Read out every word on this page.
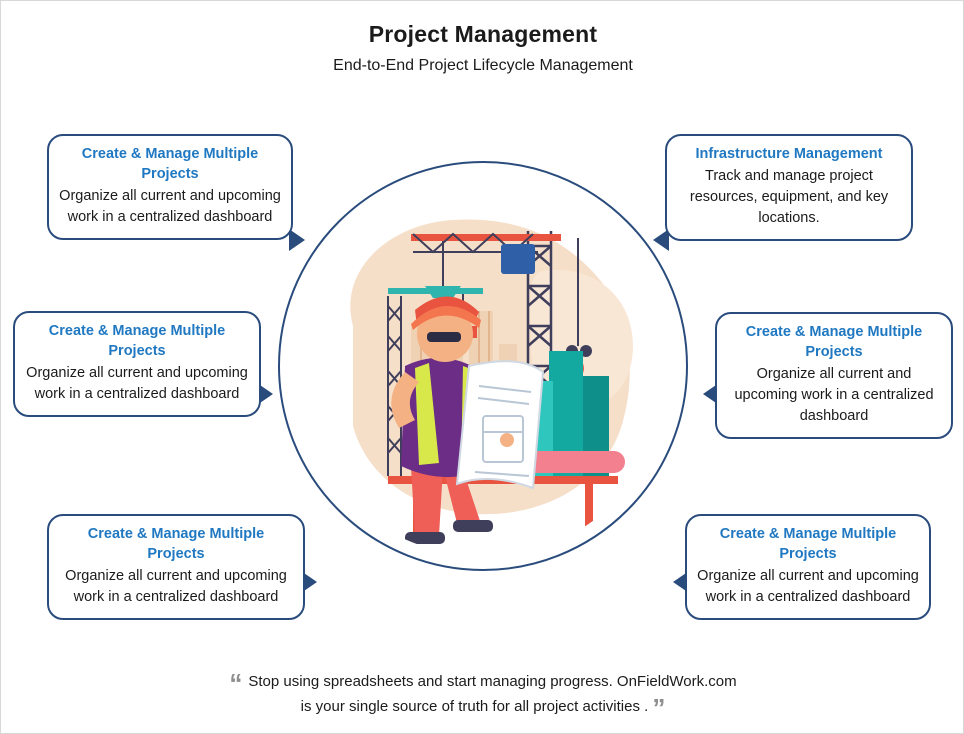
Project Management
End-to-End Project Lifecycle Management
Create & Manage Multiple Projects
Organize all current and upcoming work in a centralized dashboard
Create & Manage Multiple Projects
Organize all current and upcoming work in a centralized dashboard
Create & Manage Multiple Projects
Organize all current and upcoming work in a centralized dashboard
Infrastructure Management
Track and manage project resources, equipment, and key locations.
Create & Manage Multiple Projects
Organize all current and upcoming work in a centralized dashboard
Create & Manage Multiple Projects
Organize all current and upcoming work in a centralized dashboard
“ Stop using spreadsheets and start managing progress. OnFieldWork.com
is your single source of truth for all project activities . ”
